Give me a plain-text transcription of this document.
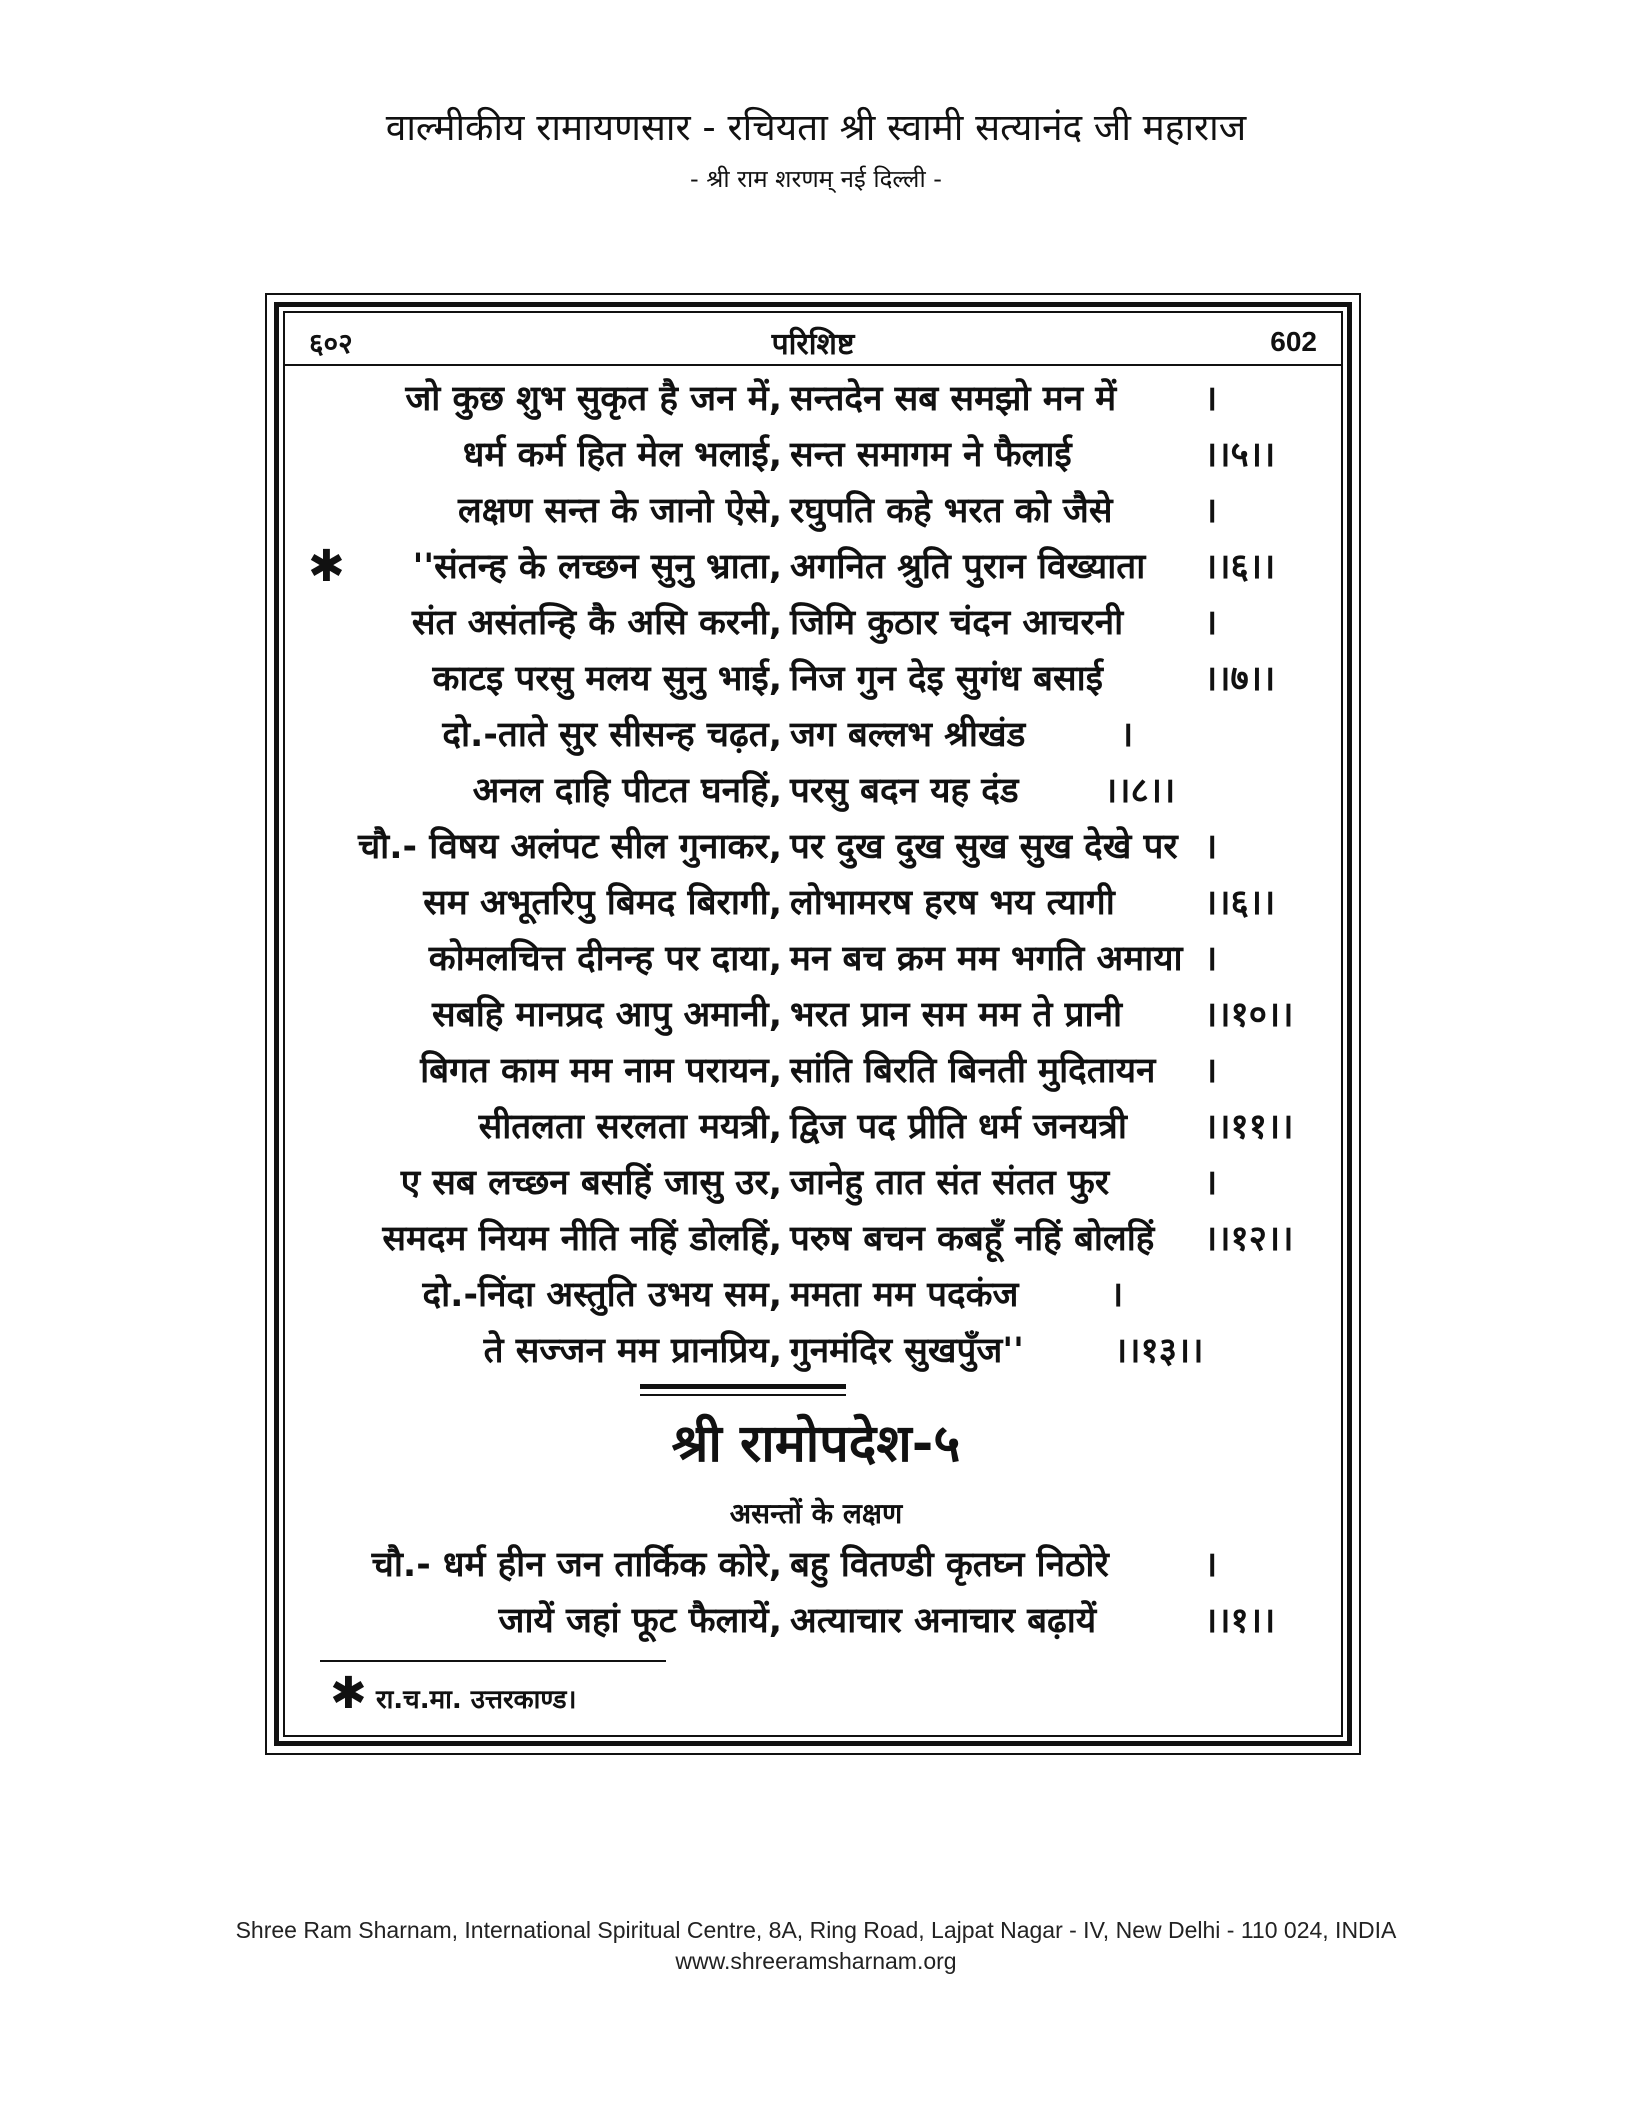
वाल्मीकीय रामायणसार - रचियता श्री स्वामी सत्यानंद जी महाराज
- श्री राम शरणम् नई दिल्ली -
६०२	परिशिष्ट	602
जो कुछ शुभ सुकृत है जन में, सन्तदेन सब समझो मन में	।
धर्म कर्म हित मेल भलाई, सन्त समागम ने फैलाई	।।५।।
लक्षण सन्त के जानो ऐसे, रघुपति कहे भरत को जैसे	।
✱ ''संतन्ह के लच्छन सुनु भ्राता, अगनित श्रुति पुरान विख्याता ।।६।।
संत असंतन्हि कै असि करनी, जिमि कुठार चंदन आचरनी ।
काटइ परसु मलय सुनु भाई, निज गुन देइ सुगंध बसाई	।।७।।
दो.-ताते सुर सीसन्ह चढ़त, जग बल्लभ श्रीखंड	।
अनल दाहि पीटत घनहिं, परसु बदन यह दंड ।।८।।
चौ.- विषय अलंपट सील गुनाकर, पर दुख दुख सुख सुख देखे पर ।
सम अभूतरिपु बिमद बिरागी, लोभामरष हरष भय त्यागी	।।६।।
कोमलचित्त दीनन्ह पर दाया, मन बच क्रम मम भगति अमाया ।
सबहि मानप्रद आपु अमानी, भरत प्रान सम मम ते प्रानी ।।१०।।
बिगत काम मम नाम परायन, सांति बिरति बिनती मुदितायन ।
सीतलता सरलता मयत्री, द्विज पद प्रीति धर्म जनयत्री ।।११।।
ए सब लच्छन बसहिं जासु उर, जानेहु तात संत संतत फुर	।
समदम नियम नीति नहिं डोलहिं, परुष बचन कबहूँ नहिं बोलहिं ।।१२।।
दो.-निंदा अस्तुति उभय सम, ममता मम पदकंज	।
ते सज्जन मम प्रानप्रिय, गुनमंदिर सुखपुँज''	।।१३।।
श्री रामोपदेश-५
असन्तों के लक्षण
चौ.- धर्म हीन जन तार्किक कोरे, बहु वितण्डी कृतघ्न निठोरे	।
जायें जहां फूट फैलायें, अत्याचार अनाचार बढ़ायें	।।१।।
✱ रा.च.मा. उत्तरकाण्ड।
Shree Ram Sharnam, International Spiritual Centre, 8A, Ring Road, Lajpat Nagar - IV, New Delhi - 110 024, INDIA
www.shreeramsharnam.org
